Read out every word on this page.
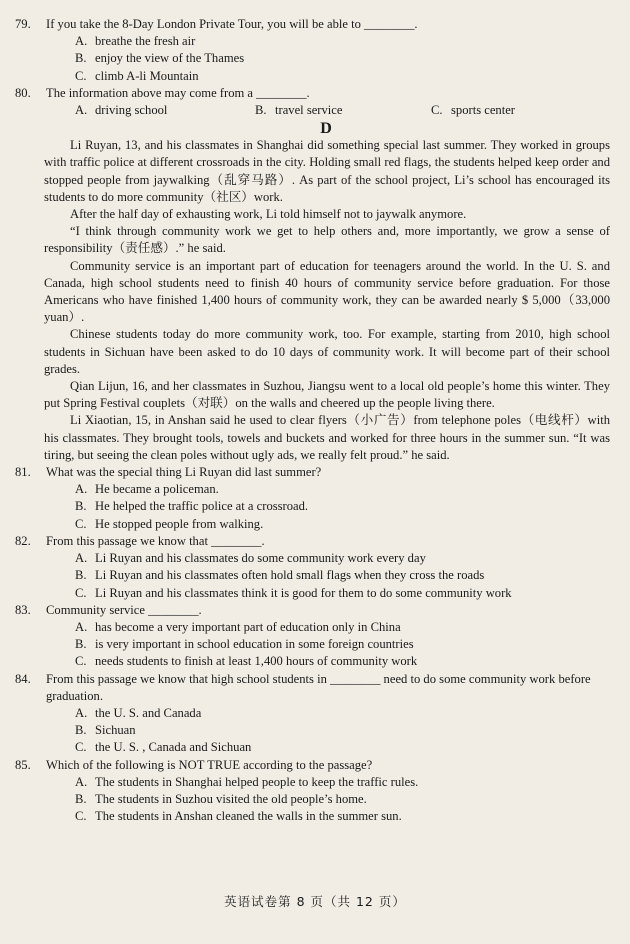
79.	If you take the 8-Day London Private Tour, you will be able to ________.
A. breathe the fresh air
B. enjoy the view of the Thames
C. climb A-li Mountain
80.	The information above may come from a ________.
A. driving school	B. travel service	C. sports center
D
Li Ruyan, 13, and his classmates in Shanghai did something special last summer. They worked in groups with traffic police at different crossroads in the city. Holding small red flags, the students helped keep order and stopped people from jaywalking（乱穿马路）. As part of the school project, Li’s school has encouraged its students to do more community（社区）work.
After the half day of exhausting work, Li told himself not to jaywalk anymore.
“I think through community work we get to help others and, more importantly, we grow a sense of responsibility（责任感）.” he said.
Community service is an important part of education for teenagers around the world. In the U. S. and Canada, high school students need to finish 40 hours of community service before graduation. For those Americans who have finished 1,400 hours of community work, they can be awarded nearly $ 5,000（33,000 yuan）.
Chinese students today do more community work, too. For example, starting from 2010, high school students in Sichuan have been asked to do 10 days of community work. It will become part of their school grades.
Qian Lijun, 16, and her classmates in Suzhou, Jiangsu went to a local old people’s home this winter. They put Spring Festival couplets（对联）on the walls and cheered up the people living there.
Li Xiaotian, 15, in Anshan said he used to clear flyers（小广告）from telephone poles（电线杆）with his classmates. They brought tools, towels and buckets and worked for three hours in the summer sun. “It was tiring, but seeing the clean poles without ugly ads, we really felt proud.” he said.
81.	What was the special thing Li Ruyan did last summer?
A. He became a policeman.
B. He helped the traffic police at a crossroad.
C. He stopped people from walking.
82.	From this passage we know that ________.
A. Li Ruyan and his classmates do some community work every day
B. Li Ruyan and his classmates often hold small flags when they cross the roads
C. Li Ruyan and his classmates think it is good for them to do some community work
83.	Community service ________.
A. has become a very important part of education only in China
B. is very important in school education in some foreign countries
C. needs students to finish at least 1,400 hours of community work
84.	From this passage we know that high school students in ________ need to do some community work before graduation.
A. the U. S. and Canada
B. Sichuan
C. the U. S. , Canada and Sichuan
85.	Which of the following is NOT TRUE according to the passage?
A. The students in Shanghai helped people to keep the traffic rules.
B. The students in Suzhou visited the old people’s home.
C. The students in Anshan cleaned the walls in the summer sun.
英语试卷第 8 页（共 12 页）
